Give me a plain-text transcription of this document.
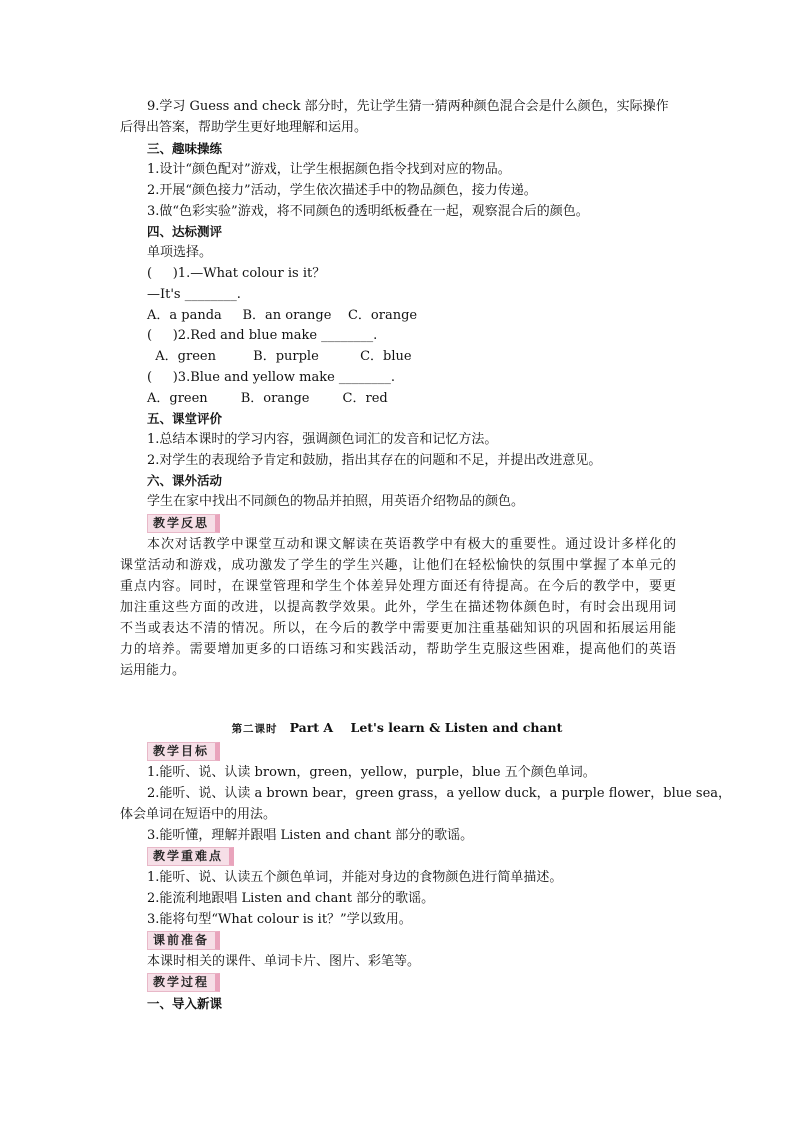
9.学习 Guess and check 部分时，先让学生猜一猜两种颜色混合会是什么颜色，实际操作
后得出答案，帮助学生更好地理解和运用。
三、趣味操练
1.设计“颜色配对”游戏，让学生根据颜色指令找到对应的物品。
2.开展“颜色接力”活动，学生依次描述手中的物品颜色，接力传递。
3.做“色彩实验”游戏，将不同颜色的透明纸板叠在一起，观察混合后的颜色。
四、达标测评
单项选择。
(     )1.—What colour is it？
—It's ________.
A．a panda     B．an orange    C．orange
(     )2.Red and blue make ________.
A．green         B．purple          C．blue
(     )3.Blue and yellow make ________.
A．green        B．orange        C．red
五、课堂评价
1.总结本课时的学习内容，强调颜色词汇的发音和记忆方法。
2.对学生的表现给予肯定和鼓励，指出其存在的问题和不足，并提出改进意见。
六、课外活动
学生在家中找出不同颜色的物品并拍照，用英语介绍物品的颜色。
教学反思
本次对话教学中课堂互动和课文解读在英语教学中有极大的重要性。通过设计多样化的
课堂活动和游戏，成功激发了学生的学生兴趣，让他们在轻松愉快的氛围中掌握了本单元的
重点内容。同时，在课堂管理和学生个体差异处理方面还有待提高。在今后的教学中，要更
加注重这些方面的改进，以提高教学效果。此外，学生在描述物体颜色时，有时会出现用词
不当或表达不清的情况。所以，在今后的教学中需要更加注重基础知识的巩固和拓展运用能
力的培养。需要增加更多的口语练习和实践活动，帮助学生克服这些困难，提高他们的英语
运用能力。
第二课时 Part A    Let's learn & Listen and chant
教学目标
1.能听、说、认读 brown，green，yellow，purple，blue 五个颜色单词。
2.能听、说、认读 a brown bear，green grass，a yellow duck，a purple flower，blue sea，
体会单词在短语中的用法。
3.能听懂，理解并跟唱 Listen and chant 部分的歌谣。
教学重难点
1.能听、说、认读五个颜色单词，并能对身边的食物颜色进行简单描述。
2.能流利地跟唱 Listen and chant 部分的歌谣。
3.能将句型“What colour is it？”学以致用。
课前准备
本课时相关的课件、单词卡片、图片、彩笔等。
教学过程
一、导入新课
